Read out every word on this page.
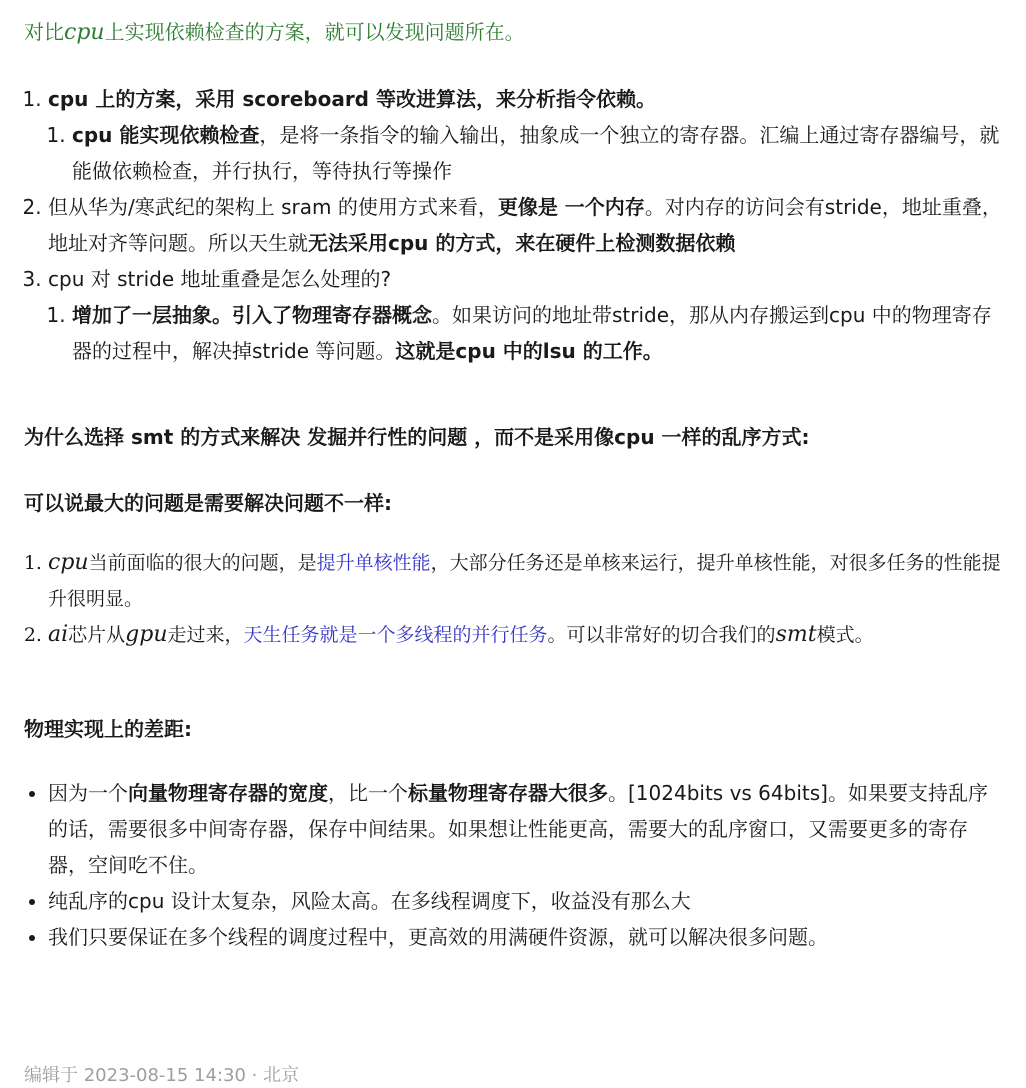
对比cpu上实现依赖检查的方案，就可以发现问题所在。

1. cpu 上的方案，采用 scoreboard 等改进算法，来分析指令依赖。
1. cpu 能实现依赖检查，是将一条指令的输入输出，抽象成一个独立的寄存器。汇编上通过寄存器编号，就能做依赖检查，并行执行，等待执行等操作
2. 但从华为/寒武纪的架构上 sram 的使用方式来看，更像是 一个内存。对内存的访问会有stride，地址重叠，地址对齐等问题。所以天生就无法采用cpu 的方式，来在硬件上检测数据依赖
3. cpu 对 stride 地址重叠是怎么处理的?
1. 增加了一层抽象。引入了物理寄存器概念。如果访问的地址带stride，那从内存搬运到cpu 中的物理寄存器的过程中，解决掉stride 等问题。这就是cpu 中的lsu 的工作。

为什么选择 smt 的方式来解决 发掘并行性的问题 ，而不是采用像cpu 一样的乱序方式:

可以说最大的问题是需要解决问题不一样:

1. cpu当前面临的很大的问题，是提升单核性能，大部分任务还是单核来运行，提升单核性能，对很多任务的性能提升很明显。
2. ai芯片从gpu走过来，天生任务就是一个多线程的并行任务。可以非常好的切合我们的smt模式。

物理实现上的差距:

• 因为一个向量物理寄存器的宽度，比一个标量物理寄存器大很多。[1024bits vs 64bits]。如果要支持乱序的话，需要很多中间寄存器，保存中间结果。如果想让性能更高，需要大的乱序窗口，又需要更多的寄存器，空间吃不住。
• 纯乱序的cpu 设计太复杂，风险太高。在多线程调度下，收益没有那么大
• 我们只要保证在多个线程的调度过程中，更高效的用满硬件资源，就可以解决很多问题。
编辑于 2023-08-15 14:30 · 北京
